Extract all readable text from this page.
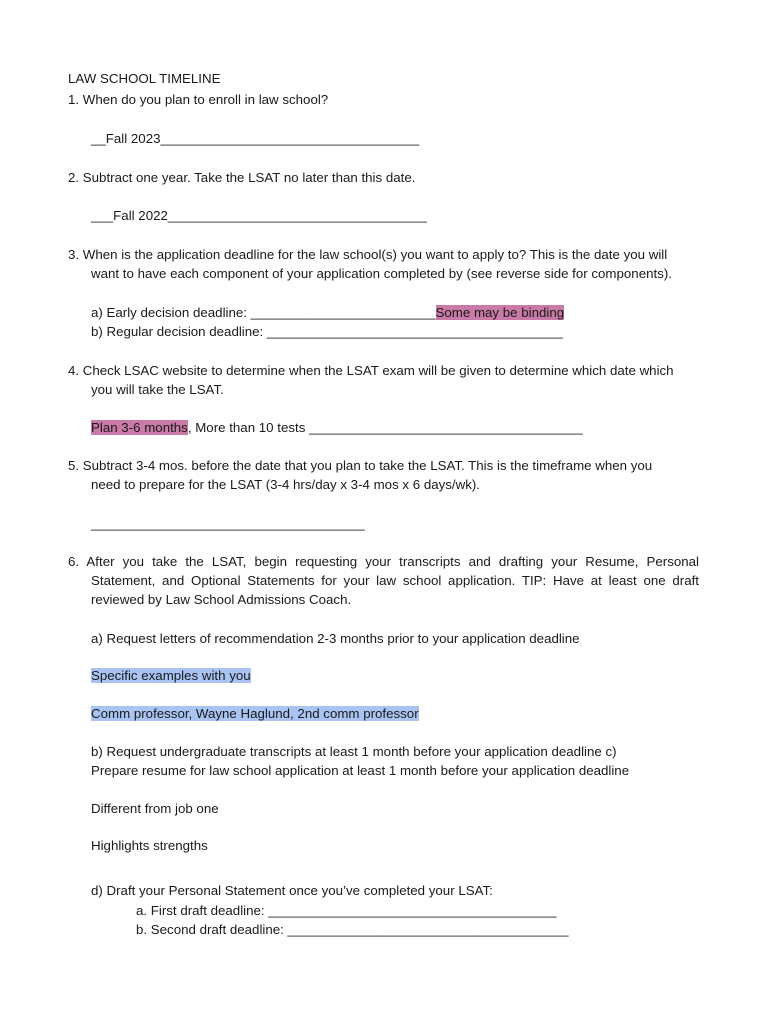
LAW SCHOOL TIMELINE
1. When do you plan to enroll in law school?
__Fall 2023___________________________________
2. Subtract one year. Take the LSAT no later than this date.
___Fall 2022___________________________________
3. When is the application deadline for the law school(s) you want to apply to? This is the date you will
want to have each component of your application completed by (see reverse side for components).
a) Early decision deadline: _________________________Some may be binding
b) Regular decision deadline: ________________________________________
4. Check LSAC website to determine when the LSAT exam will be given to determine which date which
you will take the LSAT.
Plan 3-6 months, More than 10 tests _____________________________________
5. Subtract 3-4 mos. before the date that you plan to take the LSAT. This is the timeframe when you
need to prepare for the LSAT (3-4 hrs/day x 3-4 mos x 6 days/wk).
_____________________________________
6. After you take the LSAT, begin requesting your transcripts and drafting your Resume, Personal
Statement, and Optional Statements for your law school application. TIP: Have at least one draft
reviewed by Law School Admissions Coach.
a) Request letters of recommendation 2-3 months prior to your application deadline
Specific examples with you
Comm professor, Wayne Haglund, 2nd comm professor
b) Request undergraduate transcripts at least 1 month before your application deadline c)
Prepare resume for law school application at least 1 month before your application deadline
Different from job one
Highlights strengths
d) Draft your Personal Statement once you’ve completed your LSAT:
a. First draft deadline: _______________________________________
b. Second draft deadline: ______________________________________
